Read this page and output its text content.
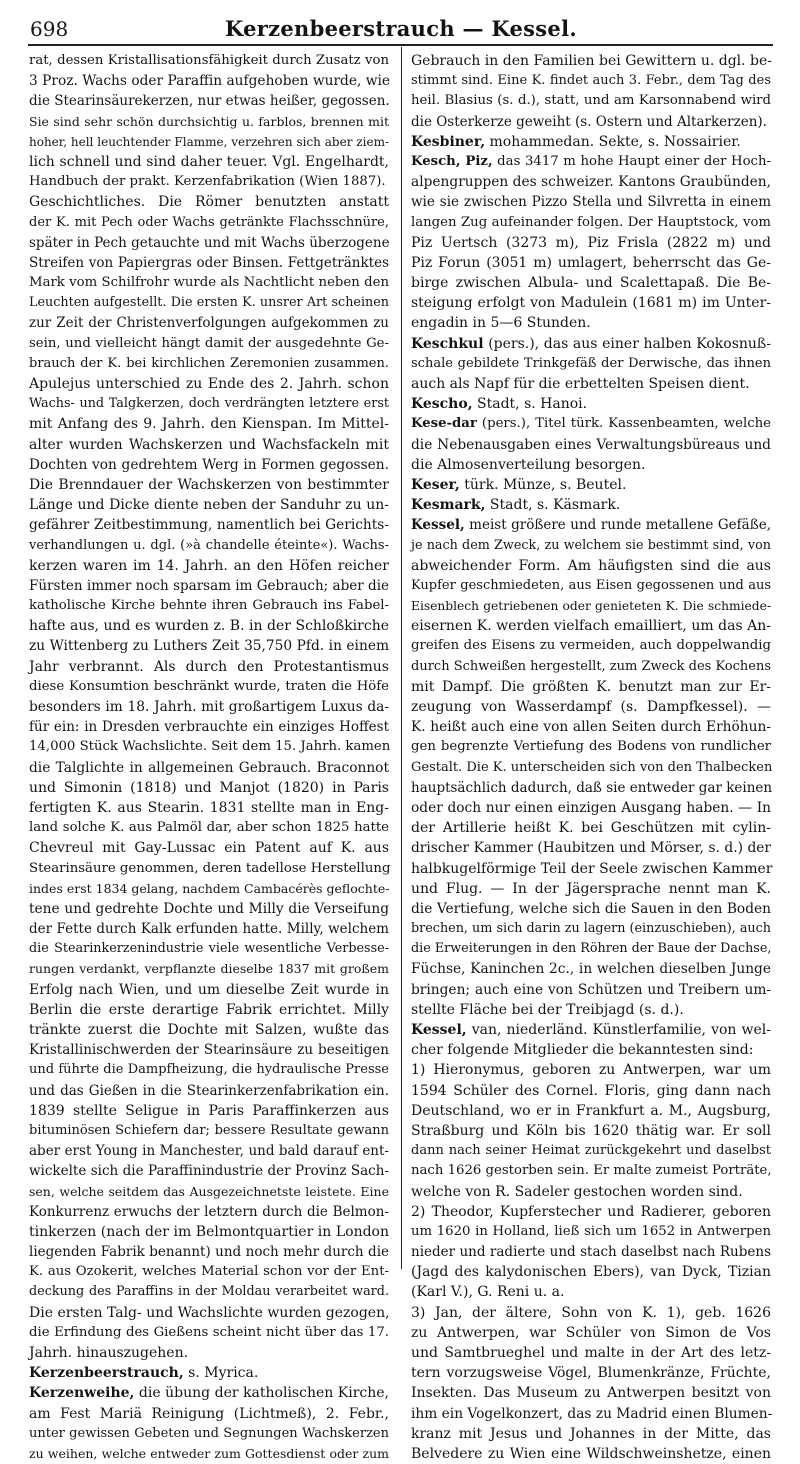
698	Kerzenbeerstrauch — Kessel.
rat, dessen Kristallisationsfähigkeit durch Zusatz von
3 Proz. Wachs oder Paraffin aufgehoben wurde, wie
die Stearinsäurekerzen, nur etwas heißer, gegossen.
Sie sind sehr schön durchsichtig u. farblos, brennen mit
hoher, hell leuchtender Flamme, verzehren sich aber ziem-
lich schnell und sind daher teuer. Vgl. Engelhardt,
Handbuch der prakt. Kerzenfabrikation (Wien 1887).
Geschichtliches. Die Römer benutzten anstatt
der K. mit Pech oder Wachs getränkte Flachsschnüre,
später in Pech getauchte und mit Wachs überzogene
Streifen von Papiergras oder Binsen. Fettgetränktes
Mark vom Schilfrohr wurde als Nachtlicht neben den
Leuchten aufgestellt. Die ersten K. unsrer Art scheinen
zur Zeit der Christenverfolgungen aufgekommen zu
sein, und vielleicht hängt damit der ausgedehnte Ge-
brauch der K. bei kirchlichen Zeremonien zusammen.
Apulejus unterschied zu Ende des 2. Jahrh. schon
Wachs- und Talgkerzen, doch verdrängten letztere erst
mit Anfang des 9. Jahrh. den Kienspan. Im Mittel-
alter wurden Wachskerzen und Wachsfackeln mit
Dochten von gedrehtem Werg in Formen gegossen.
Die Brenndauer der Wachskerzen von bestimmter
Länge und Dicke diente neben der Sanduhr zu un-
gefährer Zeitbestimmung, namentlich bei Gerichts-
verhandlungen u. dgl. (»à chandelle éteinte«). Wachs-
kerzen waren im 14. Jahrh. an den Höfen reicher
Fürsten immer noch sparsam im Gebrauch; aber die
katholische Kirche behnte ihren Gebrauch ins Fabel-
hafte aus, und es wurden z. B. in der Schloßkirche
zu Wittenberg zu Luthers Zeit 35,750 Pfd. in einem
Jahr verbrannt. Als durch den Protestantismus
diese Konsumtion beschränkt wurde, traten die Höfe
besonders im 18. Jahrh. mit großartigem Luxus da-
für ein: in Dresden verbrauchte ein einziges Hoffest
14,000 Stück Wachslichte. Seit dem 15. Jahrh. kamen
die Talglichte in allgemeinen Gebrauch. Braconnot
und Simonin (1818) und Manjot (1820) in Paris
fertigten K. aus Stearin. 1831 stellte man in Eng-
land solche K. aus Palmöl dar, aber schon 1825 hatte
Chevreul mit Gay-Lussac ein Patent auf K. aus
Stearinsäure genommen, deren tadellose Herstellung
indes erst 1834 gelang, nachdem Cambacérès geflochte-
tene und gedrehte Dochte und Milly die Verseifung
der Fette durch Kalk erfunden hatte. Milly, welchem
die Stearinkerzenindustrie viele wesentliche Verbesse-
rungen verdankt, verpflanzte dieselbe 1837 mit großem
Erfolg nach Wien, und um dieselbe Zeit wurde in
Berlin die erste derartige Fabrik errichtet. Milly
tränkte zuerst die Dochte mit Salzen, wußte das
Kristallinischwerden der Stearinsäure zu beseitigen
und führte die Dampfheizung, die hydraulische Presse
und das Gießen in die Stearinkerzenfabrikation ein.
1839 stellte Seligue in Paris Paraffinkerzen aus
bituminösen Schiefern dar; bessere Resultate gewann
aber erst Young in Manchester, und bald darauf ent-
wickelte sich die Paraffinindustrie der Provinz Sach-
sen, welche seitdem das Ausgezeichnetste leistete. Eine
Konkurrenz erwuchs der letztern durch die Belmon-
tinkerzen (nach der im Belmontquartier in London
liegenden Fabrik benannt) und noch mehr durch die
K. aus Ozokerit, welches Material schon vor der Ent-
deckung des Paraffins in der Moldau verarbeitet ward.
Die ersten Talg- und Wachslichte wurden gezogen,
die Erfindung des Gießens scheint nicht über das 17.
Jahrh. hinauszugehen.
Kerzenbeerstrauch, s. Myrica.
Kerzenweihe, die übung der katholischen Kirche,
am Fest Mariä Reinigung (Lichtmeß), 2. Febr.,
unter gewissen Gebeten und Segnungen Wachskerzen
zu weihen, welche entweder zum Gottesdienst oder zum
Gebrauch in den Familien bei Gewittern u. dgl. be-
stimmt sind. Eine K. findet auch 3. Febr., dem Tag des
heil. Blasius (s. d.), statt, und am Karsonnabend wird
die Osterkerze geweiht (s. Ostern und Altarkerzen).
Kesbiner, mohammedan. Sekte, s. Nossairier.
Kesch, Piz, das 3417 m hohe Haupt einer der Hoch-
alpengruppen des schweizer. Kantons Graubünden,
wie sie zwischen Pizzo Stella und Silvretta in einem
langen Zug aufeinander folgen. Der Hauptstock, vom
Piz Uertsch (3273 m), Piz Frisla (2822 m) und
Piz Forun (3051 m) umlagert, beherrscht das Ge-
birge zwischen Albula- und Scalettapaß. Die Be-
steigung erfolgt von Madulein (1681 m) im Unter-
engadin in 5—6 Stunden.
Keschkul (pers.), das aus einer halben Kokosnuß-
schale gebildete Trinkgefäß der Derwische, das ihnen
auch als Napf für die erbettelten Speisen dient.
Kescho, Stadt, s. Hanoi.
Kese-dar (pers.), Titel türk. Kassenbeamten, welche
die Nebenausgaben eines Verwaltungsbüreaus und
die Almosenverteilung besorgen.
Keser, türk. Münze, s. Beutel.
Kesmark, Stadt, s. Käsmark.
Kessel, meist größere und runde metallene Gefäße,
je nach dem Zweck, zu welchem sie bestimmt sind, von
abweichender Form. Am häufigsten sind die aus
Kupfer geschmiedeten, aus Eisen gegossenen und aus
Eisenblech getriebenen oder genieteten K. Die schmiede-
eisernen K. werden vielfach emailliert, um das An-
greifen des Eisens zu vermeiden, auch doppelwandig
durch Schweißen hergestellt, zum Zweck des Kochens
mit Dampf. Die größten K. benutzt man zur Er-
zeugung von Wasserdampf (s. Dampfkessel). —
K. heißt auch eine von allen Seiten durch Erhöhun-
gen begrenzte Vertiefung des Bodens von rundlicher
Gestalt. Die K. unterscheiden sich von den Thalbecken
hauptsächlich dadurch, daß sie entweder gar keinen
oder doch nur einen einzigen Ausgang haben. — In
der Artillerie heißt K. bei Geschützen mit cylin-
drischer Kammer (Haubitzen und Mörser, s. d.) der
halbkugelförmige Teil der Seele zwischen Kammer
und Flug. — In der Jägersprache nennt man K.
die Vertiefung, welche sich die Sauen in den Boden
brechen, um sich darin zu lagern (einzuschieben), auch
die Erweiterungen in den Röhren der Baue der Dachse,
Füchse, Kaninchen 2c., in welchen dieselben Junge
bringen; auch eine von Schützen und Treibern um-
stellte Fläche bei der Treibjagd (s. d.).
Kessel, van, niederländ. Künstlerfamilie, von wel-
cher folgende Mitglieder die bekanntesten sind:
1) Hieronymus, geboren zu Antwerpen, war um
1594 Schüler des Cornel. Floris, ging dann nach
Deutschland, wo er in Frankfurt a. M., Augsburg,
Straßburg und Köln bis 1620 thätig war. Er soll
dann nach seiner Heimat zurückgekehrt und daselbst
nach 1626 gestorben sein. Er malte zumeist Porträte,
welche von R. Sadeler gestochen worden sind.
2) Theodor, Kupferstecher und Radierer, geboren
um 1620 in Holland, ließ sich um 1652 in Antwerpen
nieder und radierte und stach daselbst nach Rubens
(Jagd des kalydonischen Ebers), van Dyck, Tizian
(Karl V.), G. Reni u. a.
3) Jan, der ältere, Sohn von K. 1), geb. 1626
zu Antwerpen, war Schüler von Simon de Vos
und Samtbrueghel und malte in der Art des letz-
tern vorzugsweise Vögel, Blumenkränze, Früchte,
Insekten. Das Museum zu Antwerpen besitzt von
ihm ein Vogelkonzert, das zu Madrid einen Blumen-
kranz mit Jesus und Johannes in der Mitte, das
Belvedere zu Wien eine Wildschweinshetze, einen
